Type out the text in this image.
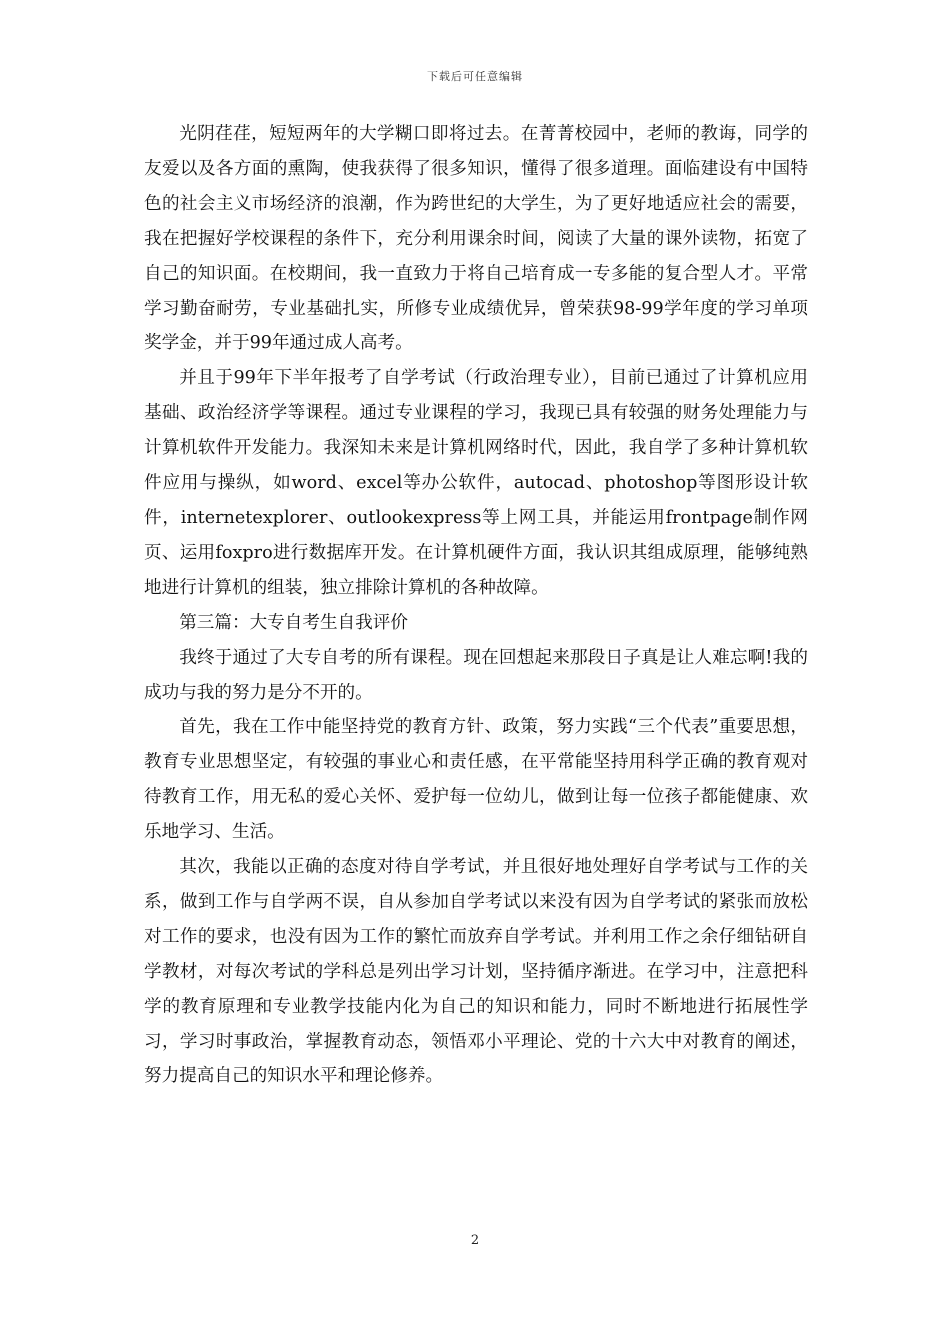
下载后可任意编辑

光阴荏荏，短短两年的大学糊口即将过去。在菁菁校园中，老师的教诲，同学的友爱以及各方面的熏陶，使我获得了很多知识，懂得了很多道理。面临建设有中国特色的社会主义市场经济的浪潮，作为跨世纪的大学生，为了更好地适应社会的需要，我在把握好学校课程的条件下，充分利用课余时间，阅读了大量的课外读物，拓宽了自己的知识面。在校期间，我一直致力于将自己培育成一专多能的复合型人才。平常学习勤奋耐劳，专业基础扎实，所修专业成绩优异，曾荣获98-99学年度的学习单项奖学金，并于99年通过成人高考。

并且于99年下半年报考了自学考试（行政治理专业），目前已通过了计算机应用基础、政治经济学等课程。通过专业课程的学习，我现已具有较强的财务处理能力与计算机软件开发能力。我深知未来是计算机网络时代，因此，我自学了多种计算机软件应用与操纵，如word、excel等办公软件，autocad、photoshop等图形设计软件，internetexplorer、outlookexpress等上网工具，并能运用frontpage制作网页、运用foxpro进行数据库开发。在计算机硬件方面，我认识其组成原理，能够纯熟地进行计算机的组装，独立排除计算机的各种故障。

第三篇：大专自考生自我评价

我终于通过了大专自考的所有课程。现在回想起来那段日子真是让人难忘啊!我的成功与我的努力是分不开的。

首先，我在工作中能坚持党的教育方针、政策，努力实践“三个代表”重要思想，教育专业思想坚定，有较强的事业心和责任感，在平常能坚持用科学正确的教育观对待教育工作，用无私的爱心关怀、爱护每一位幼儿，做到让每一位孩子都能健康、欢乐地学习、生活。

其次，我能以正确的态度对待自学考试，并且很好地处理好自学考试与工作的关系，做到工作与自学两不误，自从参加自学考试以来没有因为自学考试的紧张而放松对工作的要求，也没有因为工作的繁忙而放弃自学考试。并利用工作之余仔细钻研自学教材，对每次考试的学科总是列出学习计划，坚持循序渐进。在学习中，注意把科学的教育原理和专业教学技能内化为自己的知识和能力，同时不断地进行拓展性学习，学习时事政治，掌握教育动态，领悟邓小平理论、党的十六大中对教育的阐述，努力提高自己的知识水平和理论修养。

2
